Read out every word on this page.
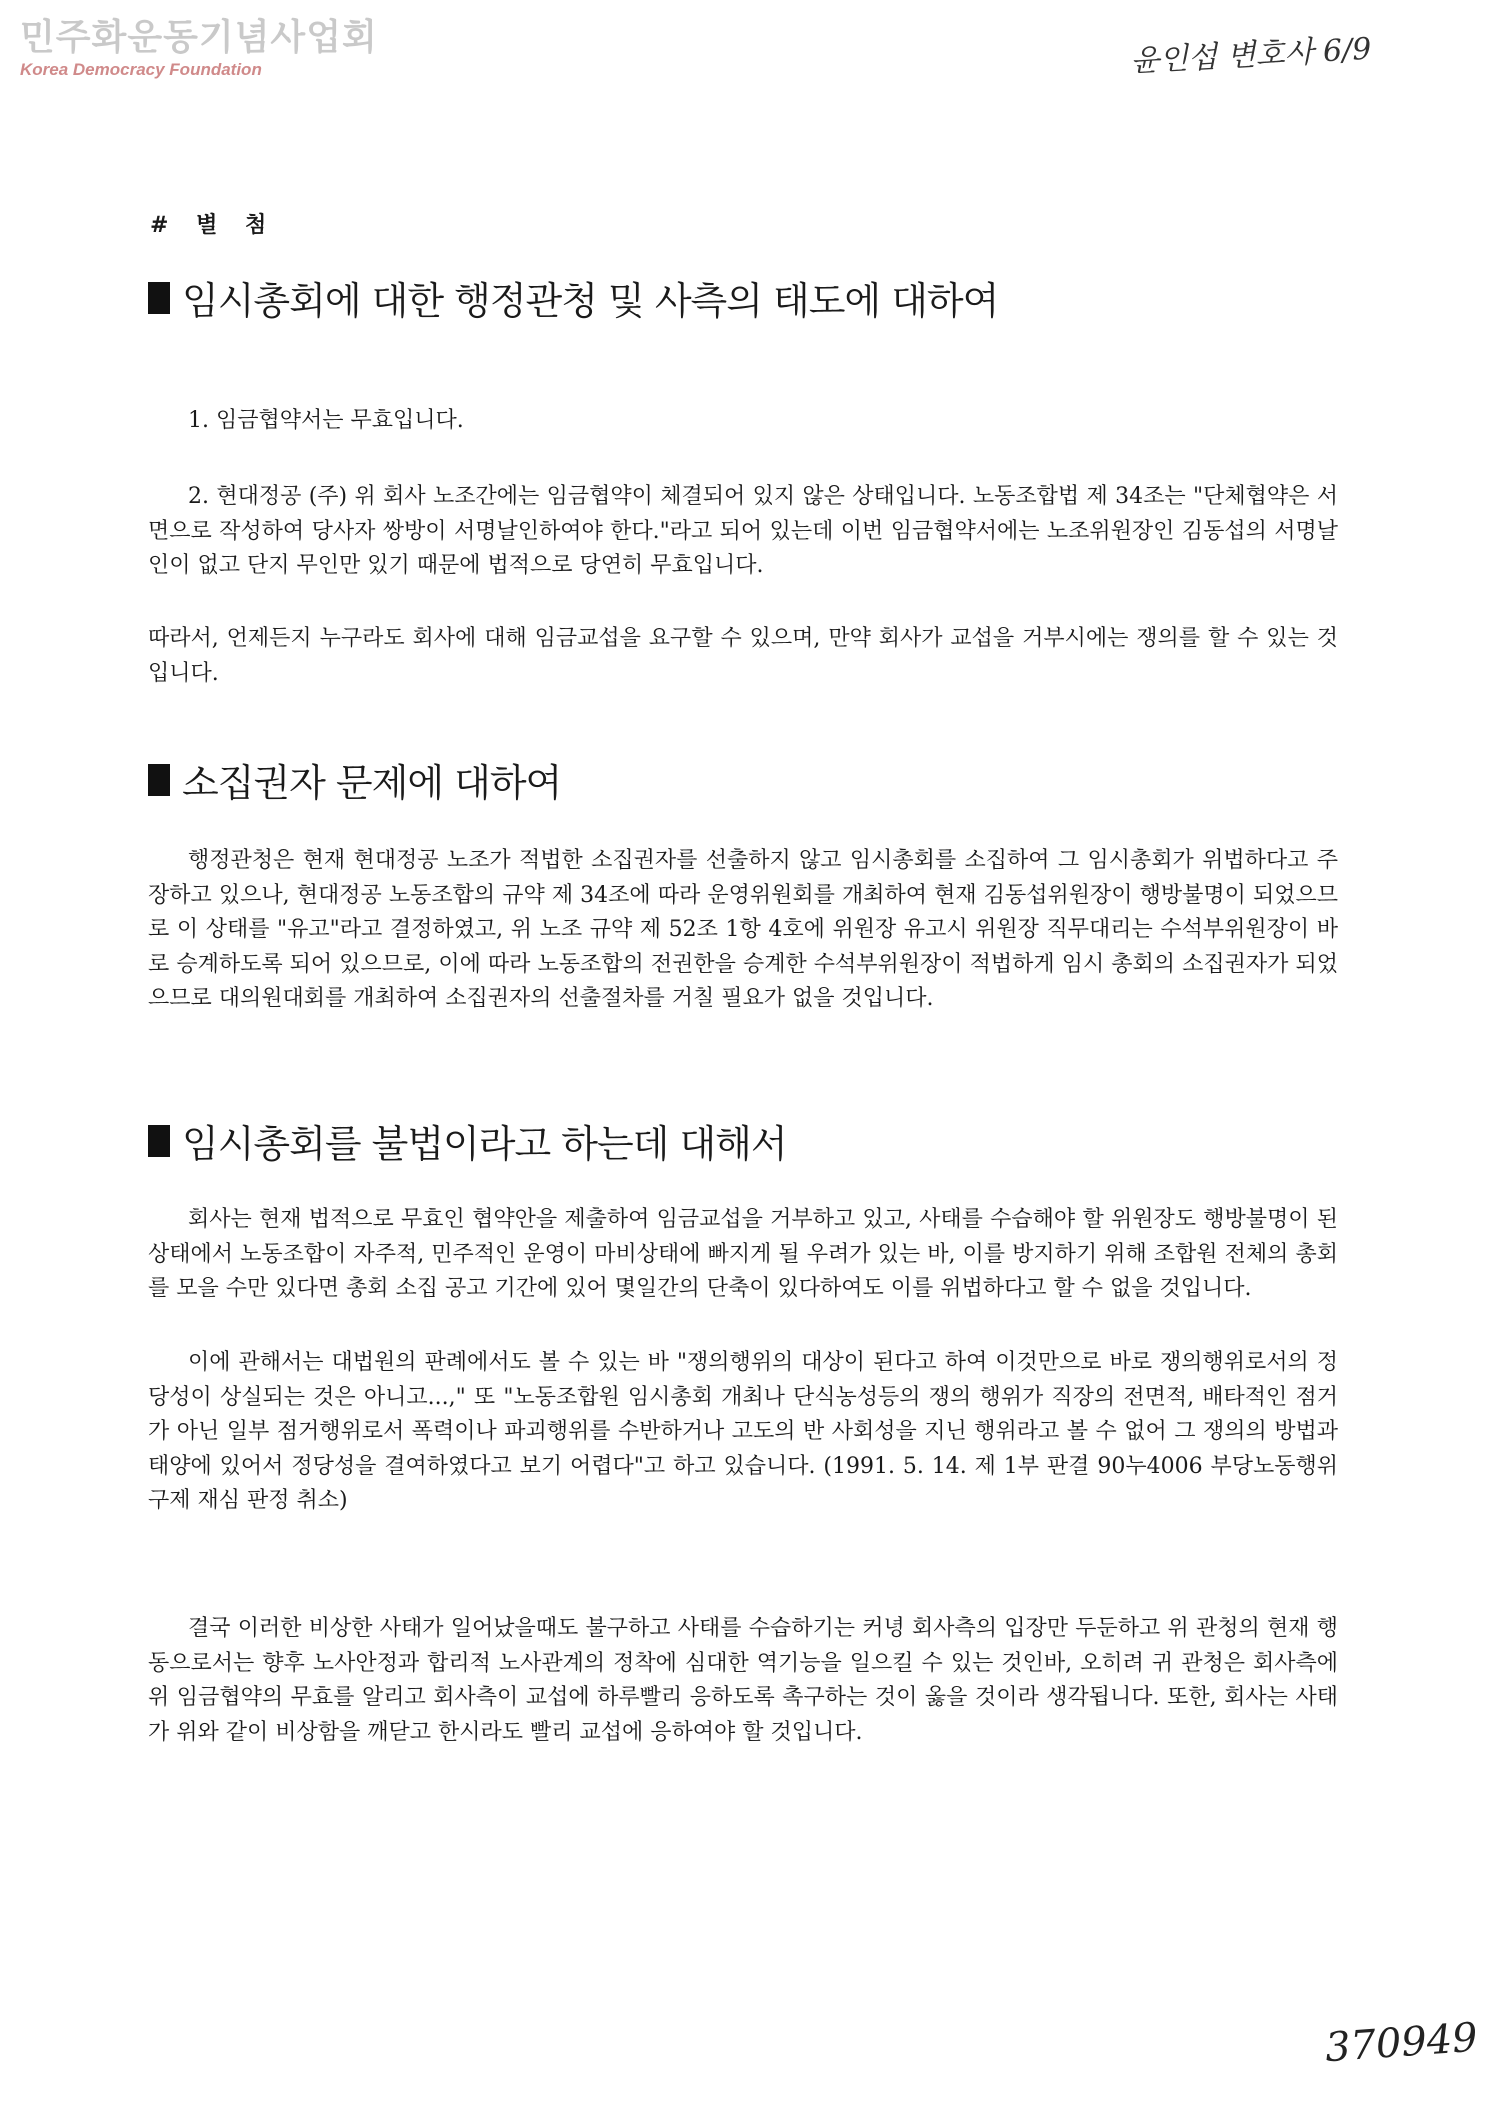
민주화운동기념사업회
Korea Democracy Foundation	윤인섭 변호사 6/9
# 별 첨
임시총회에 대한 행정관청 및 사측의 태도에 대하여
1. 임금협약서는 무효입니다.
2. 현대정공 (주) 위 회사 노조간에는 임금협약이 체결되어 있지 않은 상태입니다. 노동조합법 제 34조는 "단체협약은 서면으로 작성하여 당사자 쌍방이 서명날인하여야 한다."라고 되어 있는데 이번 임금협약서에는 노조위원장인 김동섭의 서명날인이 없고 단지 무인만 있기 때문에 법적으로 당연히 무효입니다.
따라서, 언제든지 누구라도 회사에 대해 임금교섭을 요구할 수 있으며, 만약 회사가 교섭을 거부시에는 쟁의를 할 수 있는 것입니다.
소집권자 문제에 대하여
행정관청은 현재 현대정공 노조가 적법한 소집권자를 선출하지 않고 임시총회를 소집하여 그 임시총회가 위법하다고 주장하고 있으나, 현대정공 노동조합의 규약 제 34조에 따라 운영위원회를 개최하여 현재 김동섭위원장이 행방불명이 되었으므로 이 상태를 "유고"라고 결정하였고, 위 노조 규약 제 52조 1항 4호에 위원장 유고시 위원장 직무대리는 수석부위원장이 바로 승계하도록 되어 있으므로, 이에 따라 노동조합의 전권한을 승계한 수석부위원장이 적법하게 임시 총회의 소집권자가 되었으므로 대의원대회를 개최하여 소집권자의 선출절차를 거칠 필요가 없을 것입니다.
임시총회를 불법이라고 하는데 대해서
회사는 현재 법적으로 무효인 협약안을 제출하여 임금교섭을 거부하고 있고, 사태를 수습해야 할 위원장도 행방불명이 된 상태에서 노동조합이 자주적, 민주적인 운영이 마비상태에 빠지게 될 우려가 있는 바, 이를 방지하기 위해 조합원 전체의 총회를 모을 수만 있다면 총회 소집 공고 기간에 있어 몇일간의 단축이 있다하여도 이를 위법하다고 할 수 없을 것입니다.
이에 관해서는 대법원의 판례에서도 볼 수 있는 바 "쟁의행위의 대상이 된다고 하여 이것만으로 바로 쟁의행위로서의 정당성이 상실되는 것은 아니고...," 또 "노동조합원 임시총회 개최나 단식농성등의 쟁의 행위가 직장의 전면적, 배타적인 점거가 아닌 일부 점거행위로서 폭력이나 파괴행위를 수반하거나 고도의 반 사회성을 지닌 행위라고 볼 수 없어 그 쟁의의 방법과 태양에 있어서 정당성을 결여하였다고 보기 어렵다"고 하고 있습니다. (1991. 5. 14. 제 1부 판결 90누4006 부당노동행위 구제 재심 판정 취소)
결국 이러한 비상한 사태가 일어났을때도 불구하고 사태를 수습하기는 커녕 회사측의 입장만 두둔하고 위 관청의 현재 행동으로서는 향후 노사안정과 합리적 노사관계의 정착에 심대한 역기능을 일으킬 수 있는 것인바, 오히려 귀 관청은 회사측에 위 임금협약의 무효를 알리고 회사측이 교섭에 하루빨리 응하도록 촉구하는 것이 옳을 것이라 생각됩니다. 또한, 회사는 사태가 위와 같이 비상함을 깨닫고 한시라도 빨리 교섭에 응하여야 할 것입니다.
370949
